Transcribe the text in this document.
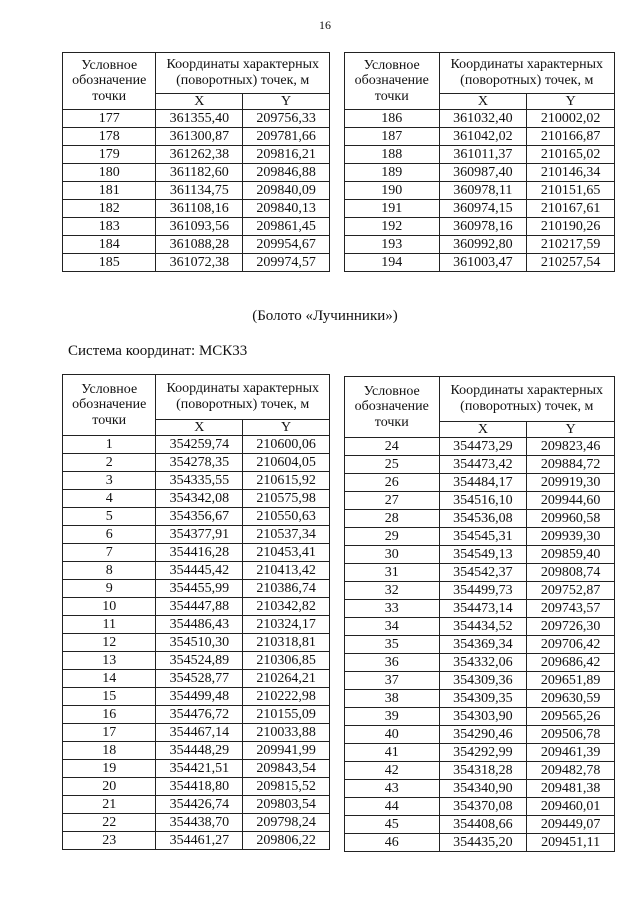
16
Условное обозначение точки	Координаты характерных (поворотных) точек, м	
	X	Y
177	361355,40	209756,33
178	361300,87	209781,66
179	361262,38	209816,21
180	361182,60	209846,88
181	361134,75	209840,09
182	361108,16	209840,13
183	361093,56	209861,45
184	361088,28	209954,67
185	361072,38	209974,57
Условное обозначение точки	Координаты характерных (поворотных) точек, м	
	X	Y
186	361032,40	210002,02
187	361042,02	210166,87
188	361011,37	210165,02
189	360987,40	210146,34
190	360978,11	210151,65
191	360974,15	210167,61
192	360978,16	210190,26
193	360992,80	210217,59
194	361003,47	210257,54
(Болото «Лучинники»)
Система координат: МСК33
Условное обозначение точки	Координаты характерных (поворотных) точек, м	
	X	Y
1	354259,74	210600,06
2	354278,35	210604,05
3	354335,55	210615,92
4	354342,08	210575,98
5	354356,67	210550,63
6	354377,91	210537,34
7	354416,28	210453,41
8	354445,42	210413,42
9	354455,99	210386,74
10	354447,88	210342,82
11	354486,43	210324,17
12	354510,30	210318,81
13	354524,89	210306,85
14	354528,77	210264,21
15	354499,48	210222,98
16	354476,72	210155,09
17	354467,14	210033,88
18	354448,29	209941,99
19	354421,51	209843,54
20	354418,80	209815,52
21	354426,74	209803,54
22	354438,70	209798,24
23	354461,27	209806,22
Условное обозначение точки	Координаты характерных (поворотных) точек, м	
	X	Y
24	354473,29	209823,46
25	354473,42	209884,72
26	354484,17	209919,30
27	354516,10	209944,60
28	354536,08	209960,58
29	354545,31	209939,30
30	354549,13	209859,40
31	354542,37	209808,74
32	354499,73	209752,87
33	354473,14	209743,57
34	354434,52	209726,30
35	354369,34	209706,42
36	354332,06	209686,42
37	354309,36	209651,89
38	354309,35	209630,59
39	354303,90	209565,26
40	354290,46	209506,78
41	354292,99	209461,39
42	354318,28	209482,78
43	354340,90	209481,38
44	354370,08	209460,01
45	354408,66	209449,07
46	354435,20	209451,11
